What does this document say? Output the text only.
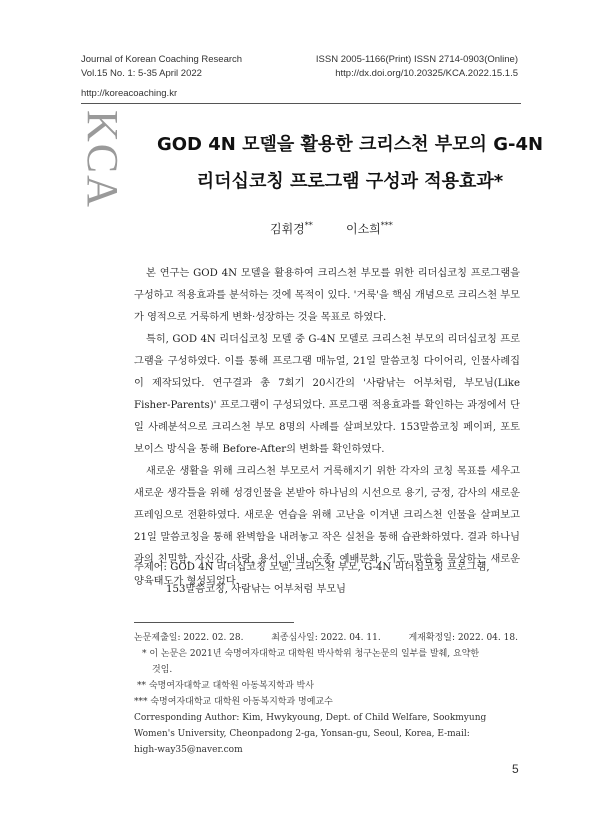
Journal of Korean Coaching Research
Vol.15 No. 1: 5-35 April 2022
ISSN 2005-1166(Print) ISSN 2714-0903(Online)
http://dx.doi.org/10.20325/KCA.2022.15.1.5
http://koreacoaching.kr
KCA	GOD 4N 모델을 활용한 크리스천 부모의 G-4N
리더십코칭 프로그램 구성과 적용효과*
김휘경**	이소희***

본 연구는 GOD 4N 모델을 활용하여 크리스천 부모를 위한 리더십코칭 프로그램을 구성하고 적용효과를 분석하는 것에 목적이 있다. '거룩'을 핵심 개념으로 크리스천 부모가 영적으로 거룩하게 변화·성장하는 것을 목표로 하였다.

특히, GOD 4N 리더십코칭 모델 중 G-4N 모델로 크리스천 부모의 리더십코칭 프로그램을 구성하였다. 이를 통해 프로그램 매뉴얼, 21일 말씀코칭 다이어리, 인물사례집이 제작되었다. 연구결과 총 7회기 20시간의 '사람낚는 어부처럼, 부모님(Like Fisher-Parents)' 프로그램이 구성되었다. 프로그램 적용효과를 확인하는 과정에서 단일 사례분석으로 크리스천 부모 8명의 사례를 살펴보았다. 153말씀코칭 페이퍼, 포토보이스 방식을 통해 Before-After의 변화를 확인하였다.

새로운 생활을 위해 크리스천 부모로서 거룩해지기 위한 각자의 코칭 목표를 세우고 새로운 생각틀을 위해 성경인물을 본받아 하나님의 시선으로 용기, 긍정, 감사의 새로운 프레임으로 전환하였다. 새로운 연습을 위해 고난을 이겨낸 크리스천 인물을 살펴보고 21일 말씀코칭을 통해 완벽함을 내려놓고 작은 실천을 통해 습관화하였다. 결과 하나님과의 친밀함, 자신감, 사랑, 용서, 인내, 순종, 예배문화, 기도, 말씀을 묵상하는 새로운 양육태도가 형성되었다.

주제어: GOD 4N 리더십코칭 모델, 크리스천 부모, G-4N 리더십코칭 프로그램,
153말씀코칭, 사람낚는 어부처럼 부모님
논문제출일: 2022. 02. 28.	최종심사일: 2022. 04. 11.	게재확정일: 2022. 04. 18.
* 이 논문은 2021년 숙명여자대학교 대학원 박사학위 청구논문의 일부를 발췌, 요약한
것임.
** 숙명여자대학교 대학원 아동복지학과 박사
*** 숙명여자대학교 대학원 아동복지학과 명예교수
Corresponding Author: Kim, Hwykyoung, Dept. of Child Welfare, Sookmyung
Women's University, Cheonpadong 2-ga, Yonsan-gu, Seoul, Korea, E-mail:
high-way35@naver.com
5
